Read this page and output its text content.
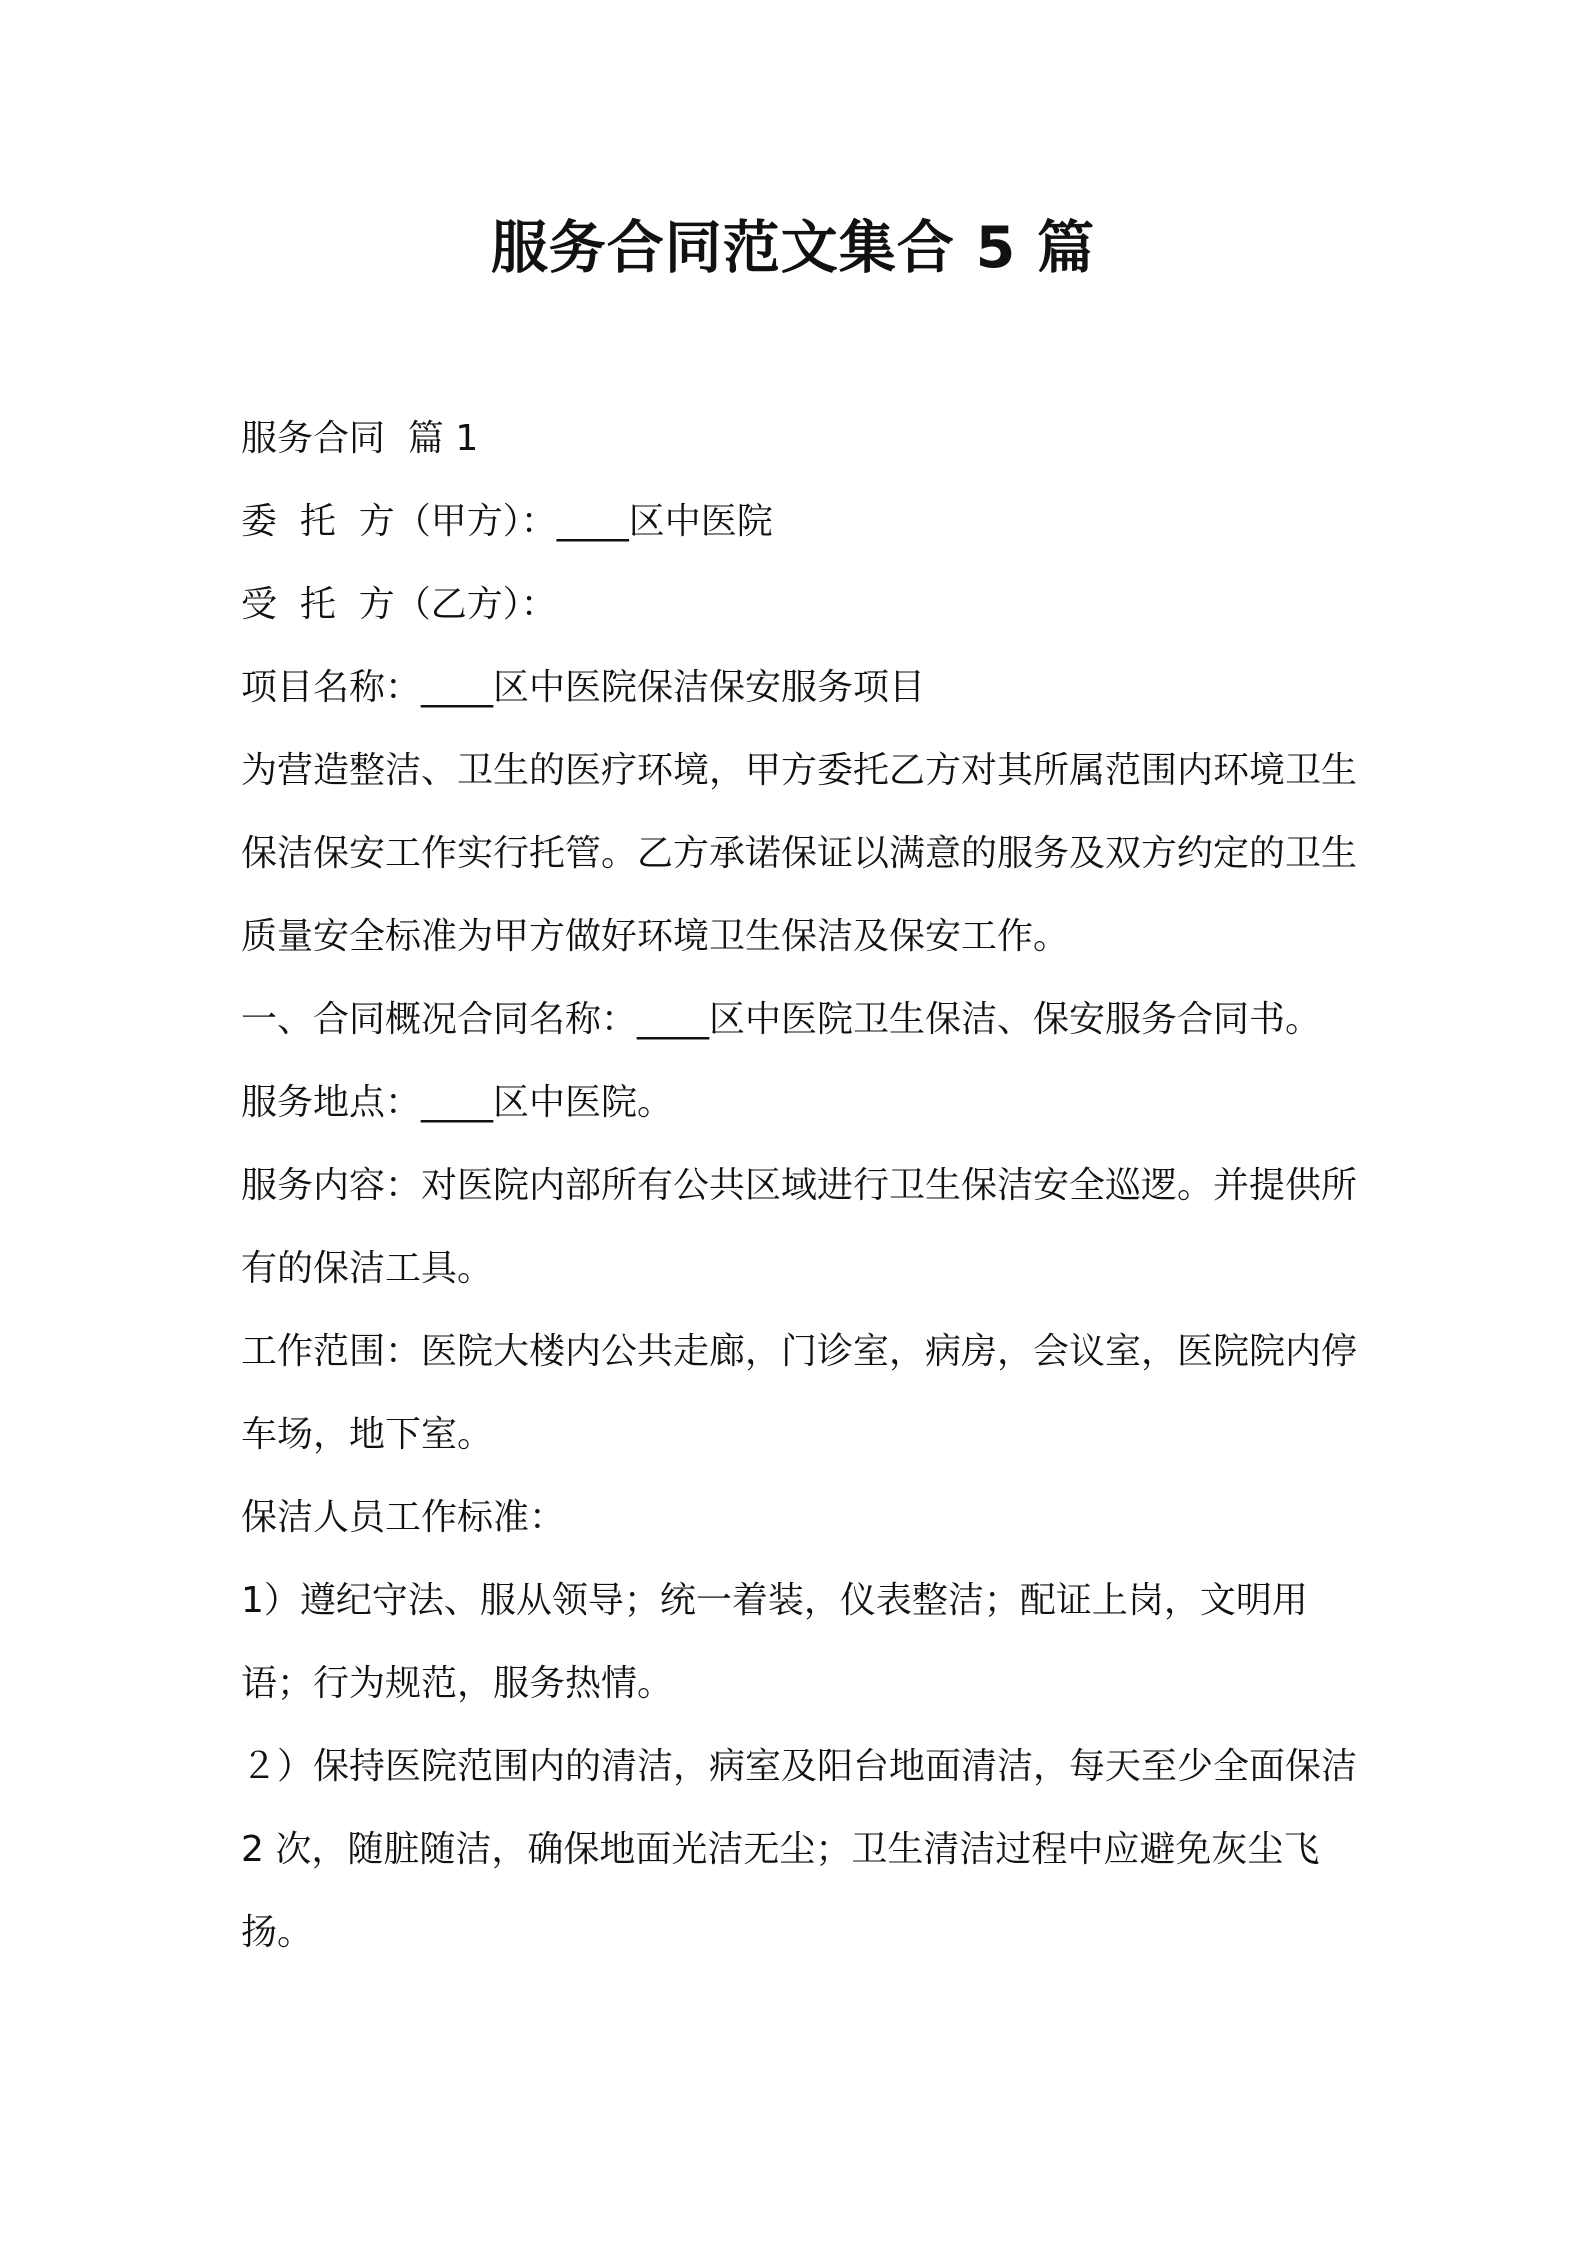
服务合同范文集合 5 篇

服务合同  篇 1

委  托  方（甲方）：____区中医院

受  托  方（乙方）：

项目名称：____区中医院保洁保安服务项目

为营造整洁、卫生的医疗环境，甲方委托乙方对其所属范围内环境卫生保洁保安工作实行托管。乙方承诺保证以满意的服务及双方约定的卫生质量安全标准为甲方做好环境卫生保洁及保安工作。

一、合同概况合同名称：____区中医院卫生保洁、保安服务合同书。

服务地点：____区中医院。

服务内容：对医院内部所有公共区域进行卫生保洁安全巡逻。并提供所有的保洁工具。

工作范围：医院大楼内公共走廊，门诊室，病房，会议室，医院院内停车场，地下室。

保洁人员工作标准：

1）遵纪守法、服从领导；统一着装，仪表整洁；配证上岗，文明用语；行为规范，服务热情。

２）保持医院范围内的清洁，病室及阳台地面清洁，每天至少全面保洁 2 次，随脏随洁，确保地面光洁无尘；卫生清洁过程中应避免灰尘飞扬。
